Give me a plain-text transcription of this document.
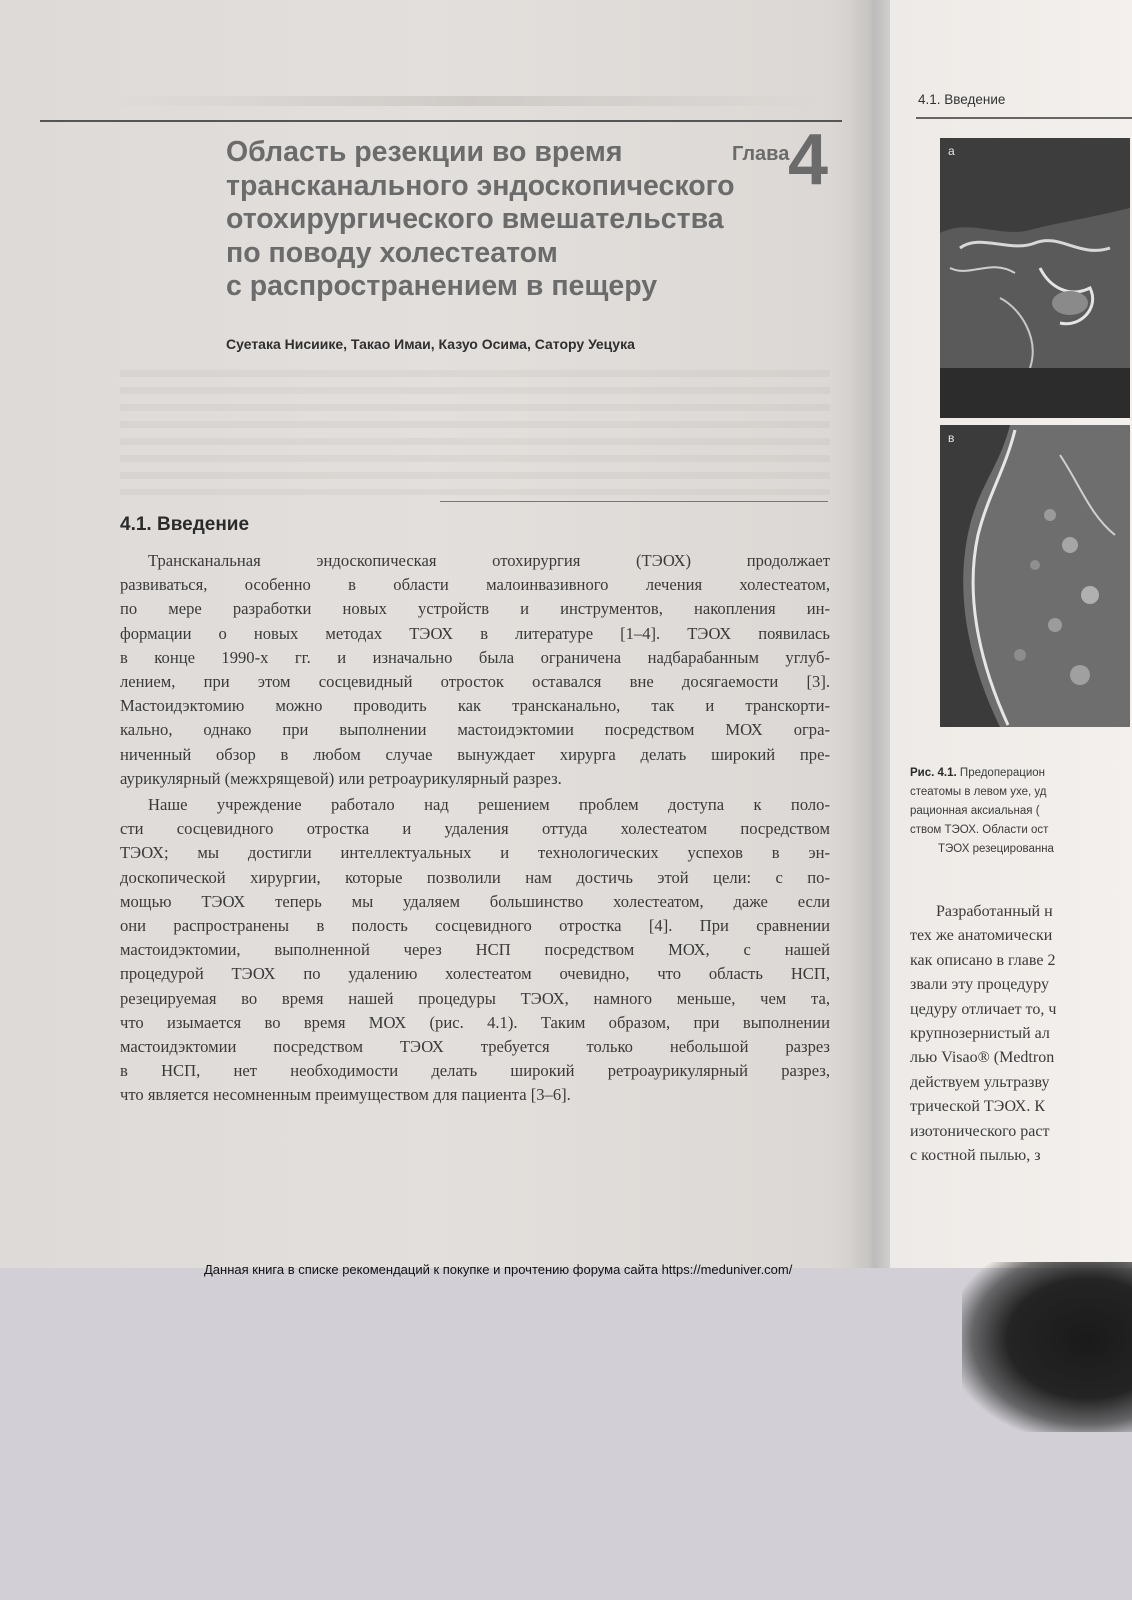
Область резекции во время
трансканального эндоскопического
отохирургического вмешательства
по поводу холестеатом
с распространением в пещеру
Глава
4
Суетака Нисиике, Такао Имаи, Казуо Осима, Сатору Уецука
4.1. Введение

Трансканальная эндоскопическая отохирургия (ТЭОХ) продолжает
развиваться, особенно в области малоинвазивного лечения холестеатом,
по мере разработки новых устройств и инструментов, накопления ин-
формации о новых методах ТЭОХ в литературе [1–4]. ТЭОХ появилась
в конце 1990-х гг. и изначально была ограничена надбарабанным углуб-
лением, при этом сосцевидный отросток оставался вне досягаемости [3].
Мастоидэктомию можно проводить как трансканально, так и транскорти-
кально, однако при выполнении мастоидэктомии посредством МОХ огра-
ниченный обзор в любом случае вынуждает хирурга делать широкий пре-
аурикулярный (межхрящевой) или ретроаурикулярный разрез.

Наше учреждение работало над решением проблем доступа к поло-
сти сосцевидного отростка и удаления оттуда холестеатом посредством
ТЭОХ; мы достигли интеллектуальных и технологических успехов в эн-
доскопической хирургии, которые позволили нам достичь этой цели: с по-
мощью ТЭОХ теперь мы удаляем большинство холестеатом, даже если
они распространены в полость сосцевидного отростка [4]. При сравнении
мастоидэктомии, выполненной через НСП посредством МОХ, с нашей
процедурой ТЭОХ по удалению холестеатом очевидно, что область НСП,
резецируемая во время нашей процедуры ТЭОХ, намного меньше, чем та,
что изымается во время МОХ (рис. 4.1). Таким образом, при выполнении
мастоидэктомии посредством ТЭОХ требуется только небольшой разрез
в НСП, нет необходимости делать широкий ретроаурикулярный разрез,
что является несомненным преимуществом для пациента [3–6].

4.1. Введение
a
в
Рис. 4.1. Предоперацион
стеатомы в левом ухе, уд
рационная аксиальная (
ством ТЭОХ. Области ост
ТЭОХ резецированна
Разработанный н
тех же анатомически
как описано в главе 2
звали эту процедуру
цедуру отличает то, ч
крупнозернистый ал
лью Visao® (Medtron
действуем ультразву
трической ТЭОХ. К
изотонического раст
с костной пылью, з
Данная книга в списке рекомендаций к покупке и прочтению форума сайта https://meduniver.com/
